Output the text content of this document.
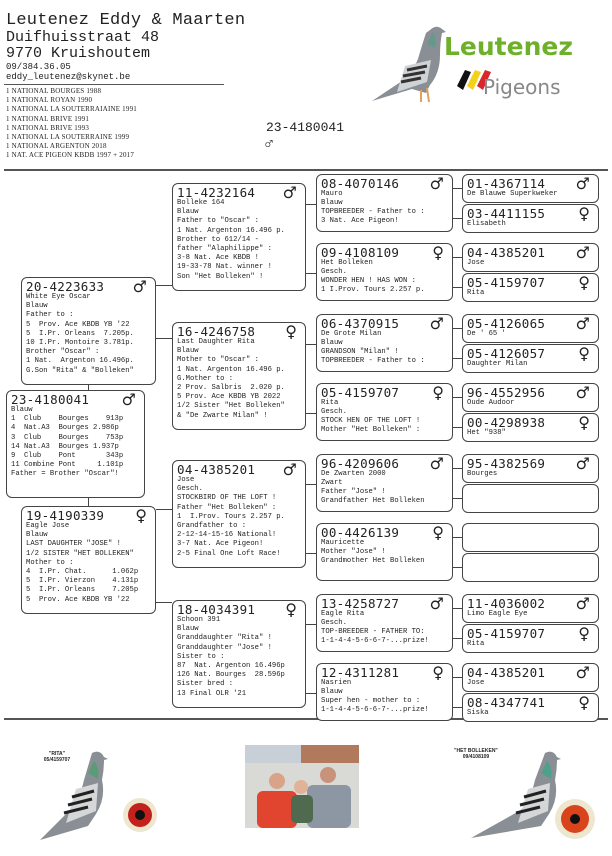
Leutenez Eddy & Maarten
Duifhuisstraat 48
9770 Kruishoutem
09/384.36.05
eddy_leutenez@skynet.be
1 NATIONAL BOURGES 1988
1 NATIONAL ROYAN 1990
1 NATIONAL LA SOUTERRAIAINE 1991
1 NATIONAL BRIVE 1991
1 NATIONAL BRIVE 1993
1 NATIONAL LA SOUTERRAINE 1999
1 NATIONAL ARGENTON 2018
1 NAT. ACE PIGEON KBDB 1997 + 2017
Leutenez
Pigeons
23-4180041
♂
23-4180041	♂
Blauw
1  Club    Bourges    913p
4  Nat.A3  Bourges 2.986p
3  Club    Bourges    753p
14 Nat.A3  Bourges 1.937p
9  Club    Pont       343p
11 Combine Pont     1.101p
Father = Brother "Oscar"!
20-4223633	♂
White Eye Oscar
Blauw
Father to :
5  Prov. Ace KBDB YB '22
5  I.Pr. Orleans  7.205p.
10 I.Pr. Montoire 3.781p.
Brother "Oscar" :
1 Nat.  Argenton 16.496p.
G.Son "Rita" & "Bolleken"
19-4190339	♀
Eagle Jose
Blauw
LAST DAUGHTER "JOSE" !
1/2 SISTER "HET BOLLEKEN"
Mother to :
4  I.Pr. Chat.      1.062p
5  I.Pr. Vierzon    4.131p
5  I.Pr. Orleans    7.205p
5  Prov. Ace KBDB YB '22
11-4232164	♂
Bolleke 164
Blauw
Father to "Oscar" :
1 Nat. Argenton 16.496 p.
Brother to 612/14 -
father "Alaphilippe" :
3-8 Nat. Ace KBDB !
19-33-78 Nat. winner !
Son "Het Bolleken" !
16-4246758	♀
Last Daughter Rita
Blauw
Mother to "Oscar" :
1 Nat. Argenton 16.496 p.
G.Mother to :
2 Prov. Salbris  2.020 p.
5 Prov. Ace KBDB YB 2022
1/2 Sister "Het Bolleken"
& "De Zwarte Milan" !
04-4385201	♂
Jose
Gesch.
STOCKBIRD OF THE LOFT !
Father "Het Bolleken" :
1  I.Prov. Tours 2.257 p.
Grandfather to :
2-12-14-15-16 National!
3-7 Nat. Ace Pigeon!
2-5 Final One Loft Race!
18-4034391	♀
Schoon 391
Blauw
Granddaughter "Rita" !
Granddaughter "Jose" !
Sister to :
87  Nat. Argenton 16.496p
126 Nat. Bourges  28.596p
Sister bred :
13 Final OLR '21
08-4070146	♂
Mauro
Blauw
TOPBREEDER - Father to :
3 Nat. Ace Pigeon!
09-4108109	♀
Het Bolleken
Gesch.
WONDER HEN ! HAS WON :
1 I.Prov. Tours 2.257 p.
06-4370915	♂
De Grote Milan
Blauw
GRANDSON "Milan" !
TOPBREEDER - Father to :
05-4159707	♀
Rita
Gesch.
STOCK HEN OF THE LOFT !
Mother "Het Bolleken" :
96-4209606	♂
De Zwarten 2000
Zwart
Father "Jose" !
Grandfather Het Bolleken
00-4426139	♀
Mauricette
Mother "Jose" !
Grandmother Het Bolleken
13-4258727	♂
Eagle Rita
Gesch.
TOP-BREEDER - FATHER TO:
1-1-4-4-5-6-6-7-...prize!
12-4311281	♀
Nasrien
Blauw
Super hen - mother to :
1-1-4-4-5-6-6-7-...prize!
01-4367114	♂
De Blauwe Superkweker
03-4411155	♀
Elisabeth
04-4385201	♂
Jose
05-4159707	♀
Rita
05-4126065	♂
De ' 65 '
05-4126057	♀
Daughter Milan
96-4552956	♂
Oude Audoor
00-4298938	♀
Het "938"
95-4382569	♂
Bourges
11-4036002	♂
Limo Eagle Eye
05-4159707	♀
Rita
04-4385201	♂
Jose
08-4347741	♀
Siska
"RITA"
05/4159707
"HET BOLLEKEN"
09/4108109
